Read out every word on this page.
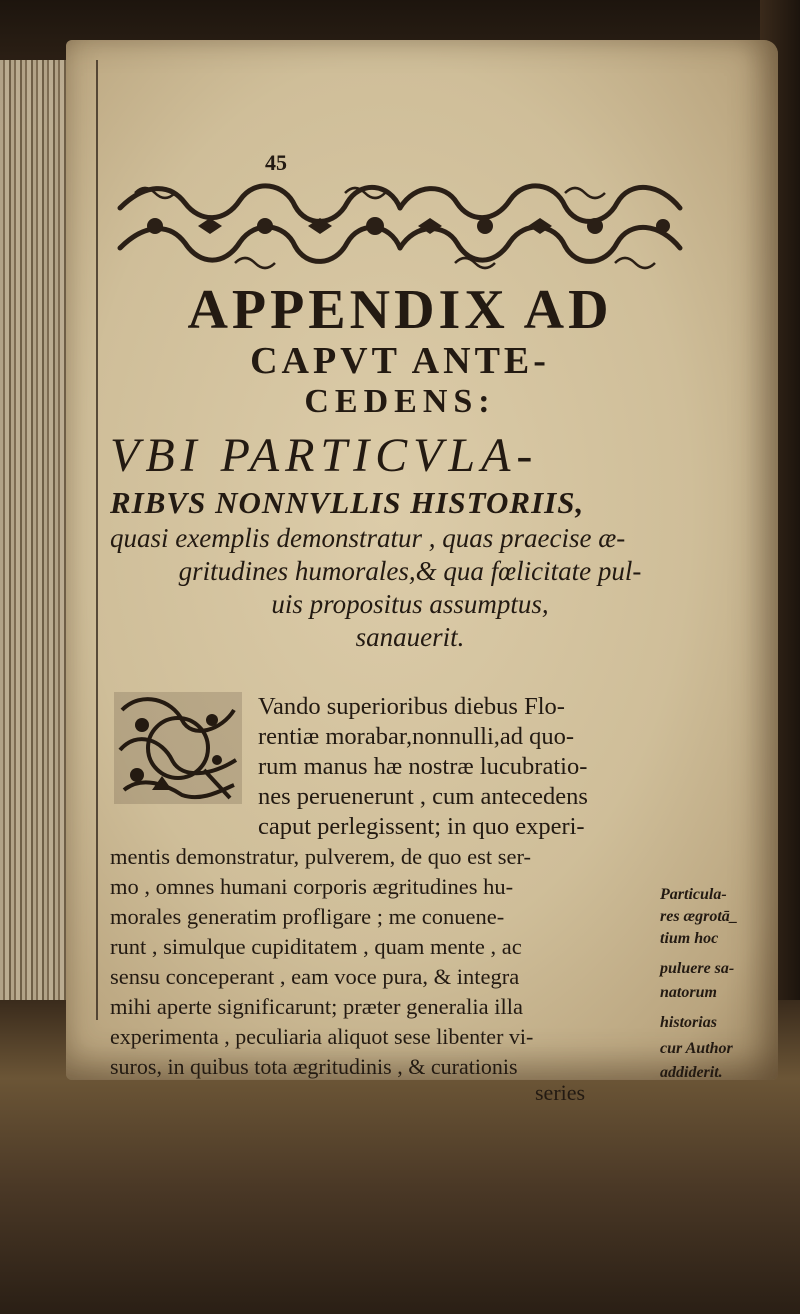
45
APPENDIX AD
CAPVT ANTE-
CEDENS:
VBI PARTICVLA-
RIBVS NONNVLLIS HISTORIIS,
quasi exemplis demonstratur , quas praecise æ-
gritudines humorales,& qua fœlicitate pul-
uis propositus assumptus,
sanauerit.
Vando superioribus diebus Flo-
rentiæ morabar,nonnulli,ad quo-
rum manus hæ nostræ lucubratio-
nes peruenerunt , cum antecedens
caput perlegissent; in quo experi-
mentis demonstratur, pulverem, de quo est ser-
mo , omnes humani corporis ægritudines hu-
morales generatim profligare ; me conuene-
runt , simulque cupiditatem , quam mente , ac
sensu conceperant , eam voce pura, & integra
mihi aperte significarunt; præter generalia illa
experimenta , peculiaria aliquot sese libenter vi-
suros, in quibus tota ægritudinis , & curationis
series
Particula-
res ægrotā_
tium hoc
puluere sa-
natorum
historias
cur Author
addiderit.
